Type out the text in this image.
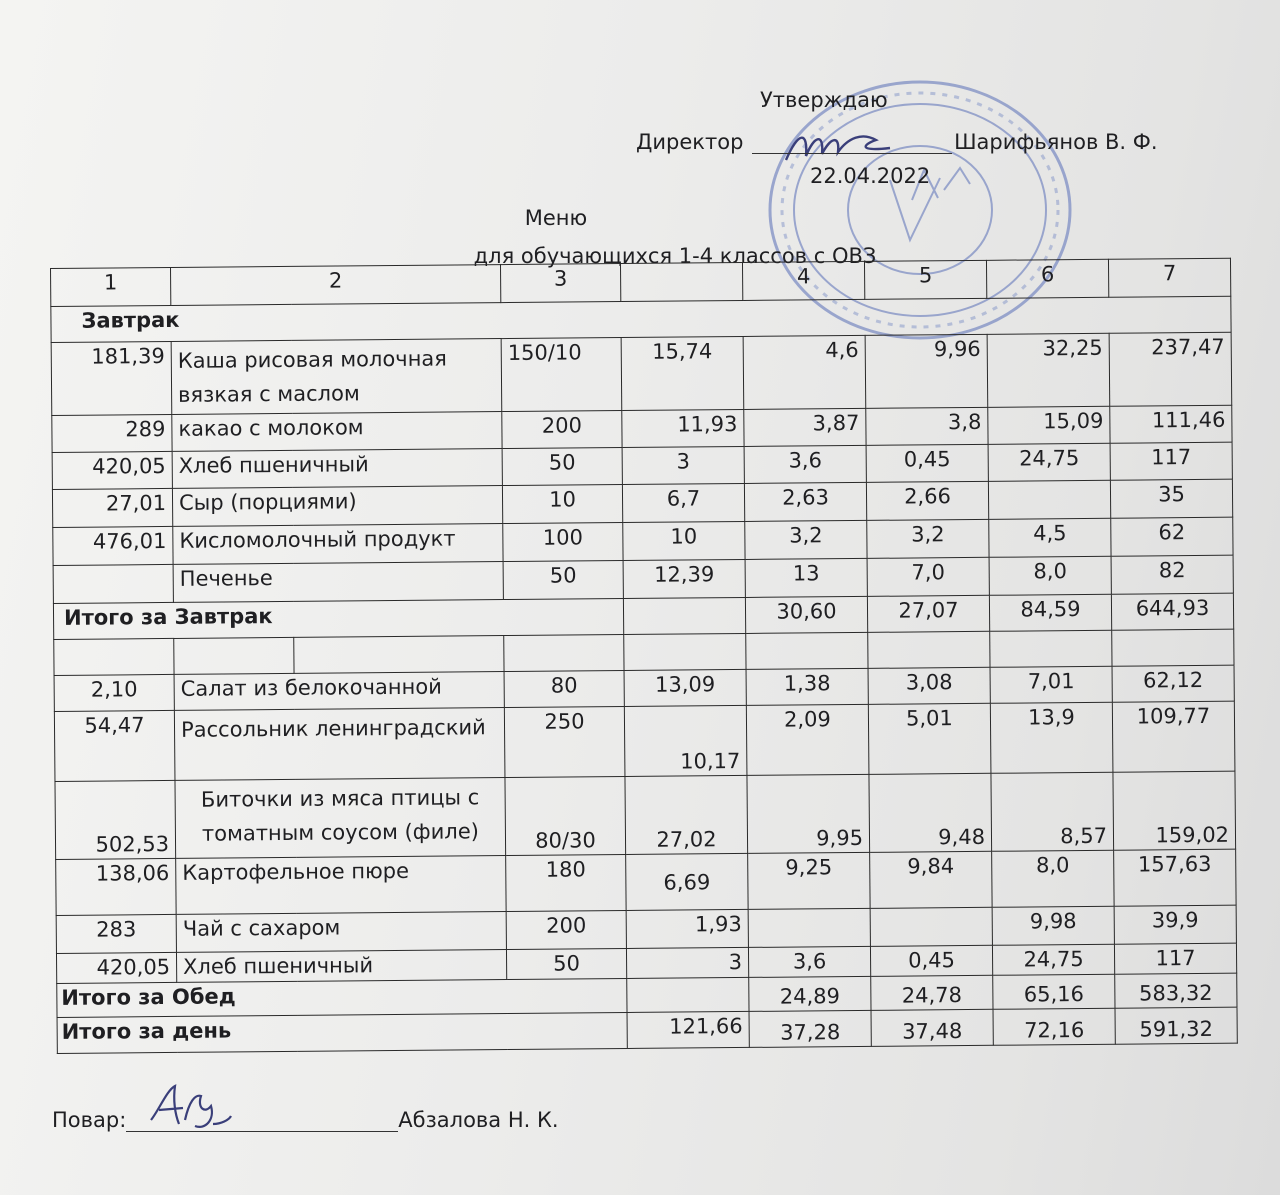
Утверждаю
Директор	Шарифьянов В. Ф.
22.04.2022
Меню
для обучающихся 1-4 классов с ОВЗ
1	2		3		4	5	6	7
Завтрак								
181,39	Каша рисовая молочная вязкая с маслом		150/10	15,74	4,6	9,96	32,25	237,47
289	какао с молоком		200	11,93	3,87	3,8	15,09	111,46
420,05	Хлеб пшеничный		50	3	3,6	0,45	24,75	117
27,01	Сыр (порциями)		10	6,7	2,63	2,66		35
476,01	Кисломолочный продукт		100	10	3,2	3,2	4,5	62
	Печенье		50	12,39	13	7,0	8,0	82
Итого за Завтрак					30,60	27,07	84,59	644,93

2,10	Салат из белокочанной		80	13,09	1,38	3,08	7,01	62,12
54,47	Рассольник ленинградский		250	10,17	2,09	5,01	13,9	109,77
502,53	Биточки из мяса птицы с томатным соусом (филе)		80/30	27,02	9,95	9,48	8,57	159,02
138,06	Картофельное пюре		180	6,69	9,25	9,84	8,0	157,63
283	Чай с сахаром		200	1,93			9,98	39,9
420,05	Хлеб пшеничный		50	3	3,6	0,45	24,75	117
Итого за Обед					24,89	24,78	65,16	583,32
Итого за день				121,66	37,28	37,48	72,16	591,32
Повар:	Абзалова Н. К.
